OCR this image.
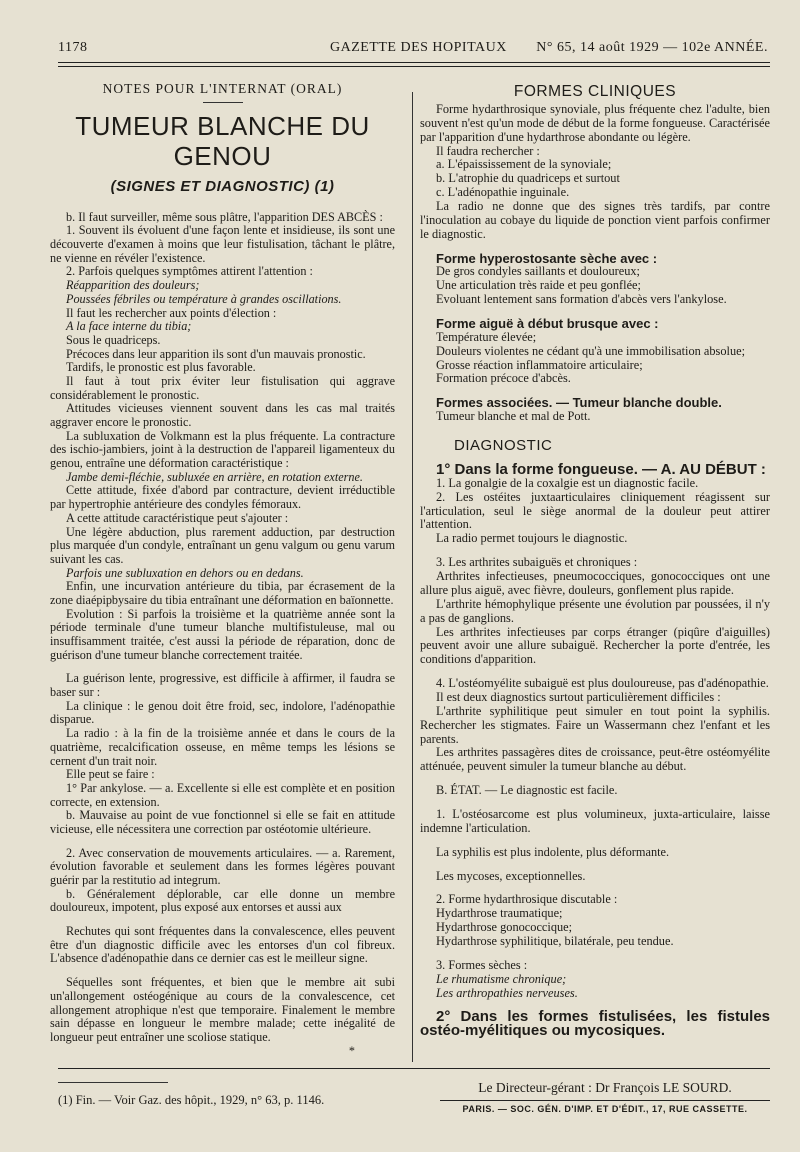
1178	GAZETTE DES HOPITAUX N° 65, 14 août 1929 — 102e ANNÉE.
NOTES POUR L'INTERNAT (ORAL)
TUMEUR BLANCHE DU GENOU
(SIGNES ET DIAGNOSTIC) (1)

b. Il faut surveiller, même sous plâtre, l'apparition DES ABCÈS :

1. Souvent ils évoluent d'une façon lente et insidieuse, ils sont une découverte d'examen à moins que leur fistulisation, tâchant le plâtre, ne vienne en révéler l'existence.

2. Parfois quelques symptômes attirent l'attention :

Réapparition des douleurs;

Poussées fébriles ou température à grandes oscillations.

Il faut les rechercher aux points d'élection :

A la face interne du tibia;

Sous le quadriceps.

Précoces dans leur apparition ils sont d'un mauvais pronostic.

Tardifs, le pronostic est plus favorable.

Il faut à tout prix éviter leur fistulisation qui aggrave considérablement le pronostic.

Attitudes vicieuses viennent souvent dans les cas mal traités aggraver encore le pronostic.

La subluxation de Volkmann est la plus fréquente. La contracture des ischio-jambiers, joint à la destruction de l'appareil ligamenteux du genou, entraîne une déformation caractéristique :

Jambe demi-fléchie, subluxée en arrière, en rotation externe.

Cette attitude, fixée d'abord par contracture, devient irréductible par hypertrophie antérieure des condyles fémoraux.

A cette attitude caractéristique peut s'ajouter :

Une légère abduction, plus rarement adduction, par destruction plus marquée d'un condyle, entraînant un genu valgum ou genu varum suivant les cas.

Parfois une subluxation en dehors ou en dedans.

Enfin, une incurvation antérieure du tibia, par écrasement de la zone diaépipbysaire du tibia entraînant une déformation en baïonnette.

Evolution : Si parfois la troisième et la quatrième année sont la période terminale d'une tumeur blanche multifistuleuse, mal ou insuffisamment traitée, c'est aussi la période de réparation, donc de guérison d'une tumeur blanche correctement traitée.

La guérison lente, progressive, est difficile à affirmer, il faudra se baser sur :

La clinique : le genou doit être froid, sec, indolore, l'adénopathie disparue.

La radio : à la fin de la troisième année et dans le cours de la quatrième, recalcification osseuse, en même temps les lésions se cernent d'un trait noir.

Elle peut se faire :

1° Par ankylose. — a. Excellente si elle est complète et en position correcte, en extension.

b. Mauvaise au point de vue fonctionnel si elle se fait en attitude vicieuse, elle nécessitera une correction par ostéotomie ultérieure.

2. Avec conservation de mouvements articulaires. — a. Rarement, évolution favorable et seulement dans les formes légères pouvant guérir par la restitutio ad integrum.

b. Généralement déplorable, car elle donne un membre douloureux, impotent, plus exposé aux entorses et aussi aux

Rechutes qui sont fréquentes dans la convalescence, elles peuvent être d'un diagnostic difficile avec les entorses d'un col fibreux. L'absence d'adénopathie dans ce dernier cas est le meilleur signe.

Séquelles sont fréquentes, et bien que le membre ait subi un'allongement ostéogénique au cours de la convalescence, cet allongement atrophique n'est que temporaire. Finalement le membre sain dépasse en longueur le membre malade; cette inégalité de longueur peut entraîner une scoliose statique.

*

FORMES CLINIQUES

Forme hydarthrosique synoviale, plus fréquente chez l'adulte, bien souvent n'est qu'un mode de début de la forme fongueuse. Caractérisée par l'apparition d'une hydarthrose abondante ou légère.

Il faudra rechercher :

a. L'épaississement de la synoviale;

b. L'atrophie du quadriceps et surtout

c. L'adénopathie inguinale.

La radio ne donne que des signes très tardifs, par contre l'inoculation au cobaye du liquide de ponction vient parfois confirmer le diagnostic.

Forme hyperostosante sèche avec :

De gros condyles saillants et douloureux;

Une articulation très raide et peu gonflée;

Evoluant lentement sans formation d'abcès vers l'ankylose.

Forme aiguë à début brusque avec :

Température élevée;

Douleurs violentes ne cédant qu'à une immobilisation absolue;

Grosse réaction inflammatoire articulaire;

Formation précoce d'abcès.

Formes associées. — Tumeur blanche double.

Tumeur blanche et mal de Pott.

DIAGNOSTIC

1° Dans la forme fongueuse. — A. AU DÉBUT :

1. La gonalgie de la coxalgie est un diagnostic facile.

2. Les ostéites juxtaarticulaires cliniquement réagissent sur l'articulation, seul le siège anormal de la douleur peut attirer l'attention.

La radio permet toujours le diagnostic.

3. Les arthrites subaiguës et chroniques :

Arthrites infectieuses, pneumococciques, gonococciques ont une allure plus aiguë, avec fièvre, douleurs, gonflement plus rapide.

L'arthrite hémophylique présente une évolution par poussées, il n'y a pas de ganglions.

Les arthrites infectieuses par corps étranger (piqûre d'aiguilles) peuvent avoir une allure subaiguë. Rechercher la porte d'entrée, les conditions d'apparition.

4. L'ostéomyélite subaiguë est plus douloureuse, pas d'adénopathie.

Il est deux diagnostics surtout particulièrement difficiles :

L'arthrite syphilitique peut simuler en tout point la syphilis. Rechercher les stigmates. Faire un Wassermann chez l'enfant et les parents.

Les arthrites passagères dites de croissance, peut-être ostéomyélite atténuée, peuvent simuler la tumeur blanche au début.

B. ÉTAT. — Le diagnostic est facile.

1. L'ostéosarcome est plus volumineux, juxta-articulaire, laisse indemne l'articulation.

La syphilis est plus indolente, plus déformante.

Les mycoses, exceptionnelles.

2. Forme hydarthrosique discutable :

Hydarthrose traumatique;

Hydarthrose gonococcique;

Hydarthrose syphilitique, bilatérale, peu tendue.

3. Formes sèches :

Le rhumatisme chronique;

Les arthropathies nerveuses.

2° Dans les formes fistulisées, les fistules ostéo-myélitiques ou mycosiques.

(1) Fin. — Voir Gaz. des hôpit., 1929, n° 63, p. 1146.
Le Directeur-gérant : Dr François LE SOURD.
PARIS. — SOC. GÉN. D'IMP. ET D'ÉDIT., 17, RUE CASSETTE.
